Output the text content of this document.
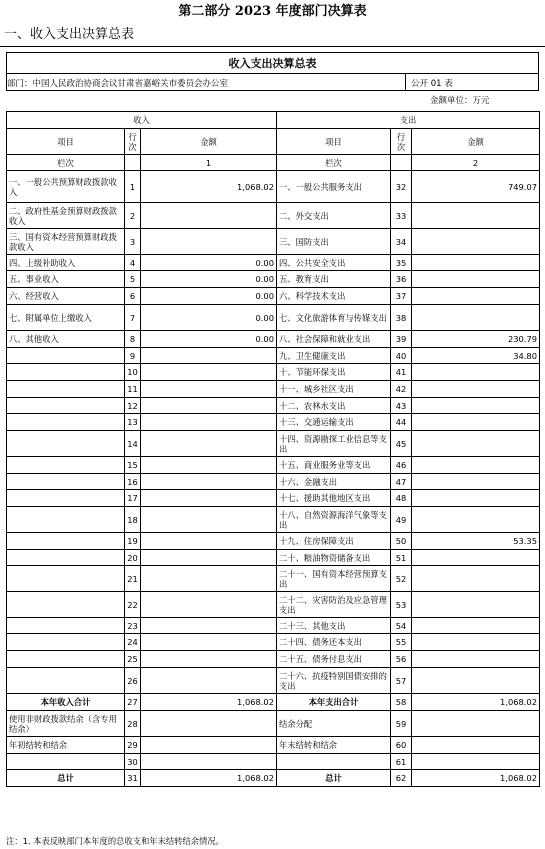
第二部分 2023 年度部门决算表
一、收入支出决算总表
收入支出决算总表
部门：中国人民政治协商会议甘肃省嘉峪关市委员会办公室	公开 01 表
金额单位：万元
收入			支出		
项目	行次	金额	项目	行次	金额
栏次		1	栏次		2
一、一般公共预算财政拨款收入	1	1,068.02	一、一般公共服务支出	32	749.07
二、政府性基金预算财政拨款收入	2		二、外交支出	33	
三、国有资本经营预算财政拨款收入	3		三、国防支出	34	
四、上级补助收入	4	0.00	四、公共安全支出	35	
五、事业收入	5	0.00	五、教育支出	36	
六、经营收入	6	0.00	六、科学技术支出	37	
七、附属单位上缴收入	7	0.00	七、文化旅游体育与传媒支出	38	
八、其他收入	8	0.00	八、社会保障和就业支出	39	230.79
	9		九、卫生健康支出	40	34.80
	10		十、节能环保支出	41	
	11		十一、城乡社区支出	42	
	12		十二、农林水支出	43	
	13		十三、交通运输支出	44	
	14		十四、资源勘探工业信息等支出	45	
	15		十五、商业服务业等支出	46	
	16		十六、金融支出	47	
	17		十七、援助其他地区支出	48	
	18		十八、自然资源海洋气象等支出	49	
	19		十九、住房保障支出	50	53.35
	20		二十、粮油物资储备支出	51	
	21		二十一、国有资本经营预算支出	52	
	22		二十二、灾害防治及应急管理支出	53	
	23		二十三、其他支出	54	
	24		二十四、债务还本支出	55	
	25		二十五、债务付息支出	56	
	26		二十六、抗疫特别国债安排的支出	57	
本年收入合计	27	1,068.02	本年支出合计	58	1,068.02
使用非财政拨款结余（含专用结余）	28		结余分配	59	
年初结转和结余	29		年末结转和结余	60	
	30			61	
总计	31	1,068.02	总计	62	1,068.02
注：1. 本表反映部门本年度的总收支和年末结转结余情况。
